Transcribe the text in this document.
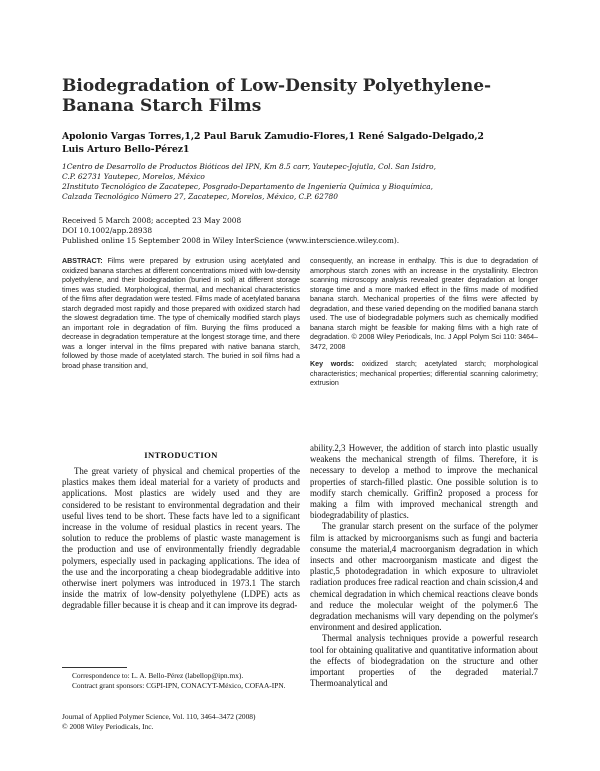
Biodegradation of Low-Density Polyethylene-Banana Starch Films
Apolonio Vargas Torres,1,2 Paul Baruk Zamudio-Flores,1 René Salgado-Delgado,2
Luis Arturo Bello-Pérez1
1Centro de Desarrollo de Productos Bióticos del IPN, Km 8.5 carr, Yautepec-Jojutla, Col. San Isidro,
C.P. 62731 Yautepec, Morelos, México
2Instituto Tecnológico de Zacatepec, Posgrado-Departamento de Ingeniería Química y Bioquímica,
Calzada Tecnológico Número 27, Zacatepec, Morelos, México, C.P. 62780
Received 5 March 2008; accepted 23 May 2008
DOI 10.1002/app.28938
Published online 15 September 2008 in Wiley InterScience (www.interscience.wiley.com).
ABSTRACT: Films were prepared by extrusion using acetylated and oxidized banana starches at different concentrations mixed with low-density polyethylene, and their biodegradation (buried in soil) at different storage times was studied. Morphological, thermal, and mechanical characteristics of the films after degradation were tested. Films made of acetylated banana starch degraded most rapidly and those prepared with oxidized starch had the slowest degradation time. The type of chemically modified starch plays an important role in degradation of film. Burying the films produced a decrease in degradation temperature at the longest storage time, and there was a longer interval in the films prepared with native banana starch, followed by those made of acetylated starch. The buried in soil films had a broad phase transition and,
consequently, an increase in enthalpy. This is due to degradation of amorphous starch zones with an increase in the crystallinity. Electron scanning microscopy analysis revealed greater degradation at longer storage time and a more marked effect in the films made of modified banana starch. Mechanical properties of the films were affected by degradation, and these varied depending on the modified banana starch used. The use of biodegradable polymers such as chemically modified banana starch might be feasible for making films with a high rate of degradation. © 2008 Wiley Periodicals, Inc. J Appl Polym Sci 110: 3464–3472, 2008
Key words: oxidized starch; acetylated starch; morphological characteristics; mechanical properties; differential scanning calorimetry; extrusion
INTRODUCTION

The great variety of physical and chemical properties of the plastics makes them ideal material for a variety of products and applications. Most plastics are widely used and they are considered to be resistant to environmental degradation and their useful lives tend to be short. These facts have led to a significant increase in the volume of residual plastics in recent years. The solution to reduce the problems of plastic waste management is the production and use of environmentally friendly degradable polymers, especially used in packaging applications. The idea of the use and the incorporating a cheap biodegradable additive into otherwise inert polymers was introduced in 1973.1 The starch inside the matrix of low-density polyethylene (LDPE) acts as degradable filler because it is cheap and it can improve its degrad-

ability.2,3 However, the addition of starch into plastic usually weakens the mechanical strength of films. Therefore, it is necessary to develop a method to improve the mechanical properties of starch-filled plastic. One possible solution is to modify starch chemically. Griffin2 proposed a process for making a film with improved mechanical strength and biodegradability of plastics.

The granular starch present on the surface of the polymer film is attacked by microorganisms such as fungi and bacteria consume the material,4 macroorganism degradation in which insects and other macroorganism masticate and digest the plastic,5 photodegradation in which exposure to ultraviolet radiation produces free radical reaction and chain scission,4 and chemical degradation in which chemical reactions cleave bonds and reduce the molecular weight of the polymer.6 The degradation mechanisms will vary depending on the polymer's environment and desired application.

Thermal analysis techniques provide a powerful research tool for obtaining qualitative and quantitative information about the effects of biodegradation on the structure and other important properties of the degraded material.7 Thermoanalytical and

Correspondence to: L. A. Bello-Pérez (labellop@ipn.mx).
Contract grant sponsors: CGPI-IPN, CONACYT-México, COFAA-IPN.
Journal of Applied Polymer Science, Vol. 110, 3464–3472 (2008)
© 2008 Wiley Periodicals, Inc.
